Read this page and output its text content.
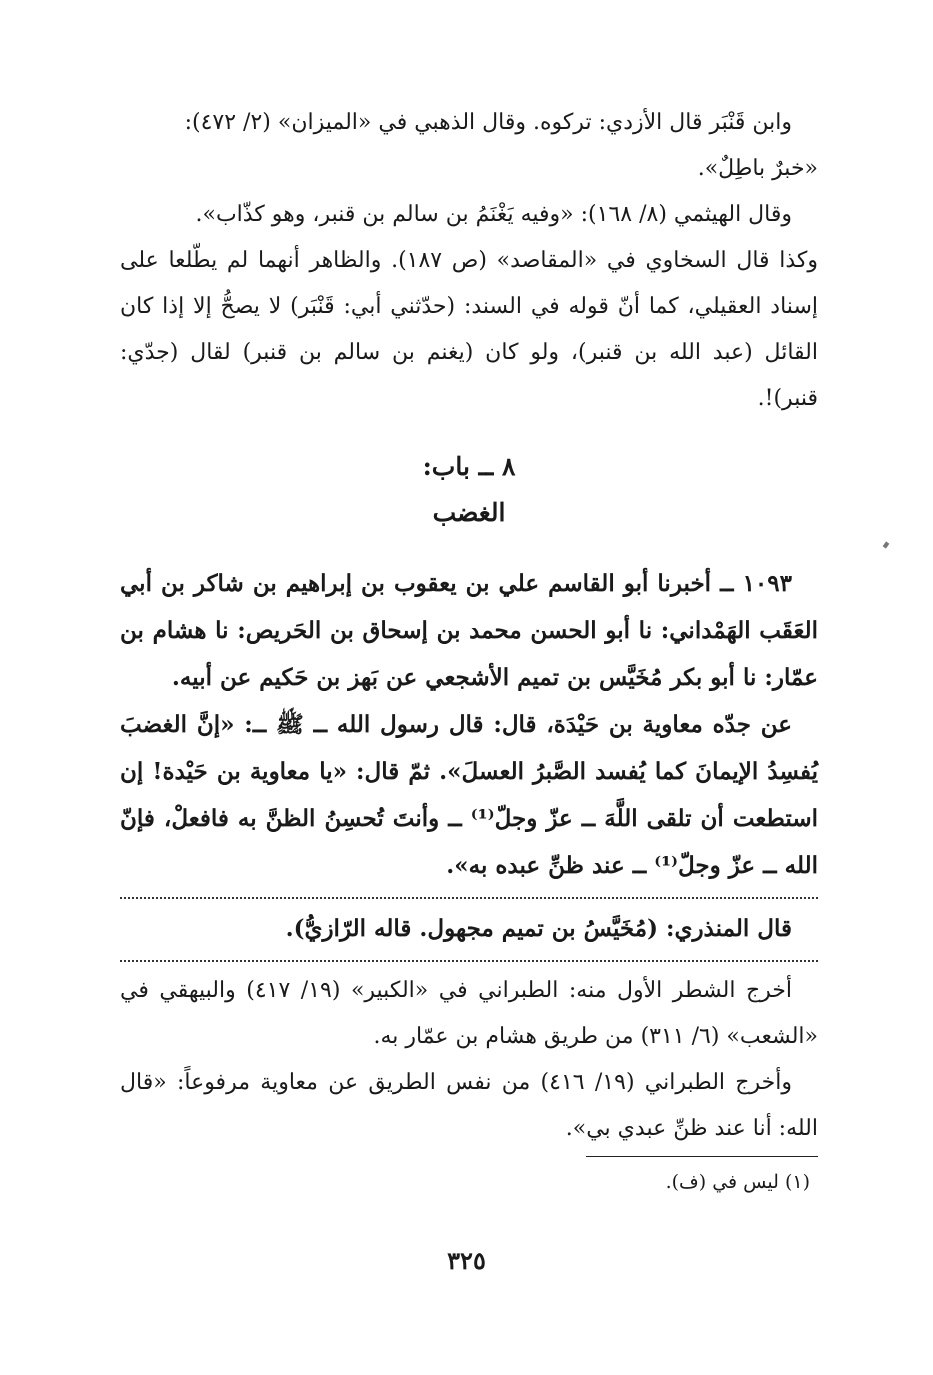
وابن قَنْبَر قال الأزدي: تركوه. وقال الذهبي في «الميزان» (٢/ ٤٧٢):

«خبرٌ باطِلٌ».

وقال الهيثمي (٨/ ١٦٨): «وفيه يَغْنَمُ بن سالم بن قنبر، وهو كذّاب».

وكذا قال السخاوي في «المقاصد» (ص ١٨٧). والظاهر أنهما لم يطّلعا على إسناد العقيلي، كما أنّ قوله في السند: (حدّثني أبي: قَنْبَر) لا يصحُّ إلا إذا كان القائل (عبد الله بن قنبر)، ولو كان (يغنم بن سالم بن قنبر) لقال (جدّي: قنبر)!.

٨ ــ باب:

الغضب

١٠٩٣ ــ أخبرنا أبو القاسم علي بن يعقوب بن إبراهيم بن شاكر بن أبي العَقَب الهَمْداني: نا أبو الحسن محمد بن إسحاق بن الحَريص: نا هشام بن عمّار: نا أبو بكر مُخَيَّس بن تميم الأشجعي عن بَهز بن حَكيم عن أبيه.

عن جدّه معاوية بن حَيْدَة، قال: قال رسول الله ــ ﷺ ــ: «إنَّ الغضبَ يُفسِدُ الإيمانَ كما يُفسد الصَّبرُ العسلَ». ثمّ قال: «يا معاوية بن حَيْدة! إن استطعت أن تلقى اللَّهَ ــ عزّ وجلّ⁽¹⁾ ــ وأنتَ تُحسِنُ الظنَّ به فافعلْ، فإنّ الله ــ عزّ وجلّ⁽¹⁾ ــ عند ظنِّ عبده به».

قال المنذري: (مُخَيَّسُ بن تميم مجهول. قاله الرّازيُّ).

أخرج الشطر الأول منه: الطبراني في «الكبير» (١٩/ ٤١٧) والبيهقي في «الشعب» (٦/ ٣١١) من طريق هشام بن عمّار به.

وأخرج الطبراني (١٩/ ٤١٦) من نفس الطريق عن معاوية مرفوعاً: «قال الله: أنا عند ظنِّ عبدي بي».

(١) ليس في (ف).

٣٢٥
